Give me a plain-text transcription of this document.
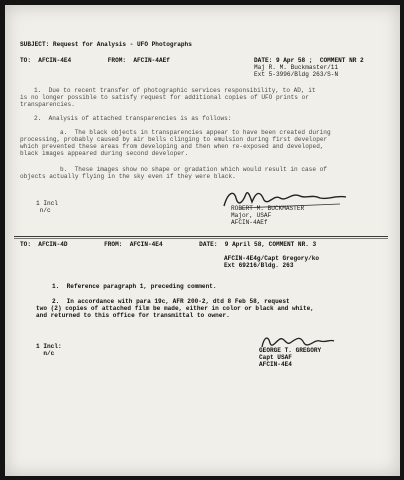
SUBJECT: Request for Analysis - UFO Photographs
TO:  AFCIN-4E4          FROM:  AFCIN-4AEf	DATE: 9 Apr 58 ;  COMMENT NR 2
Maj R. M. Buckmaster/11
Ext 5-3996/Bldg 263/S-N
1.  Due to recent transfer of photographic services responsibility, to AD, it
is no longer possible to satisfy request for additional copies of UFO prints or
transparencies.
2.  Analysis of attached transparencies is as follows:
a.  The black objects in transparencies appear to have been created during
processing, probably caused by air bells clinging to emulsion during first developer
which prevented these areas from developing and then when re-exposed and developed,
black images appeared during second developer.
b.  These images show no shape or gradation which would result in case of
objects actually flying in the sky even if they were black.
1 Incl
n/c	ROBERT M. BUCKMASTER
Major, USAF
AFCIN-4AEf
TO:  AFCIN-4D          FROM:  AFCIN-4E4          DATE:  9 April 58, COMMENT NR. 3
AFCIN-4E4g/Capt Gregory/ko
Ext 69216/Bldg. 263
1.  Reference paragraph 1, preceding comment.
2.  In accordance with para 19c, AFR 200-2, dtd 8 Feb 58, request
two (2) copies of attached film be made, either in color or black and white,
and returned to this office for transmittal to owner.
1 Incl:
n/c	GEORGE T. GREGORY
Capt USAF
AFCIN-4E4
